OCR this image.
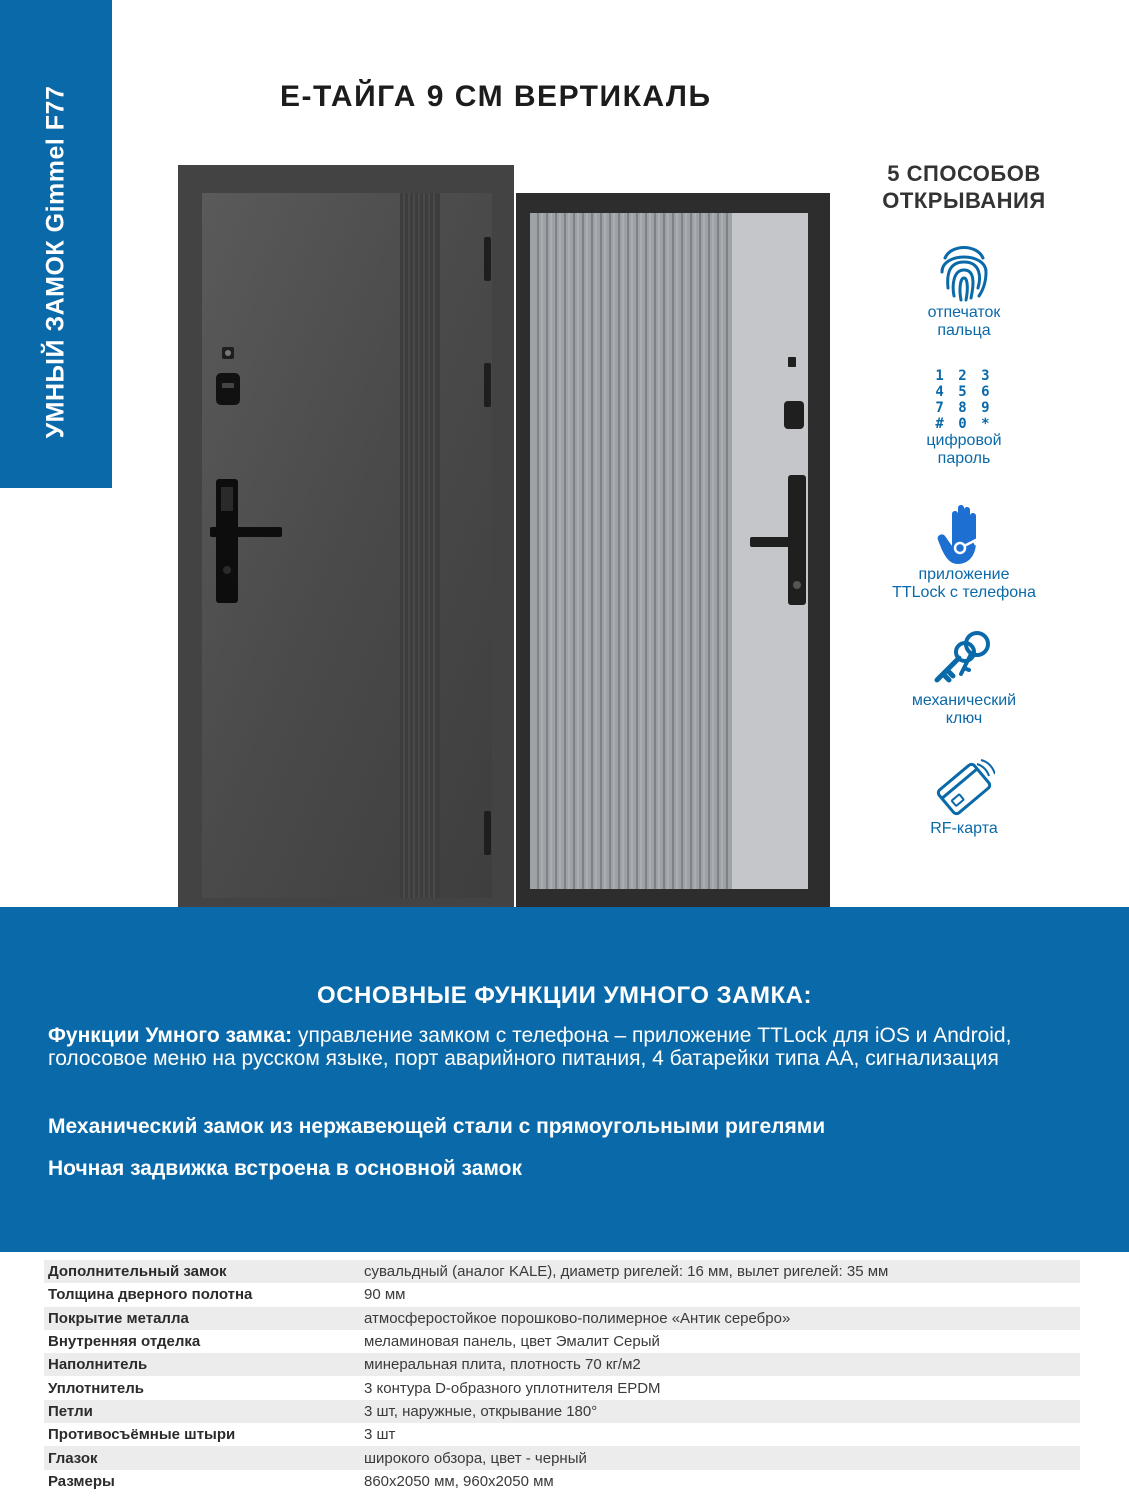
УМНЫЙ ЗАМОК Gimmel F77	Е-ТАЙГА 9 СМ ВЕРТИКАЛЬ
5 СПОСОБОВ
ОТКРЫВАНИЯ
отпечаток
пальца
1 2 3
4 5 6
7 8 9
# 0 *
цифровой
пароль
приложение
TTLock с телефона
механический
ключ
RF-карта
ОСНОВНЫЕ ФУНКЦИИ УМНОГО ЗАМКА:
Функции Умного замка: управление замком с телефона – приложение TTLock для iOS и Android, голосовое меню на русском языке, порт аварийного питания, 4 батарейки типа АА, сигнализация
Механический замок из нержавеющей стали с прямоугольными ригелями
Ночная задвижка встроена в основной замок
Дополнительный замок	сувальдный (аналог KALE), диаметр ригелей: 16 мм, вылет ригелей: 35 мм
Толщина дверного полотна	90 мм
Покрытие металла	атмосферостойкое порошково-полимерное «Антик серебро»
Внутренняя отделка	меламиновая панель, цвет Эмалит Серый
Наполнитель	минеральная плита, плотность 70 кг/м2
Уплотнитель	3 контура D-образного уплотнителя EPDM
Петли	3 шт, наружные, открывание 180°
Противосъёмные штыри	3 шт
Глазок	широкого обзора, цвет - черный
Размеры	860x2050 мм, 960x2050 мм
